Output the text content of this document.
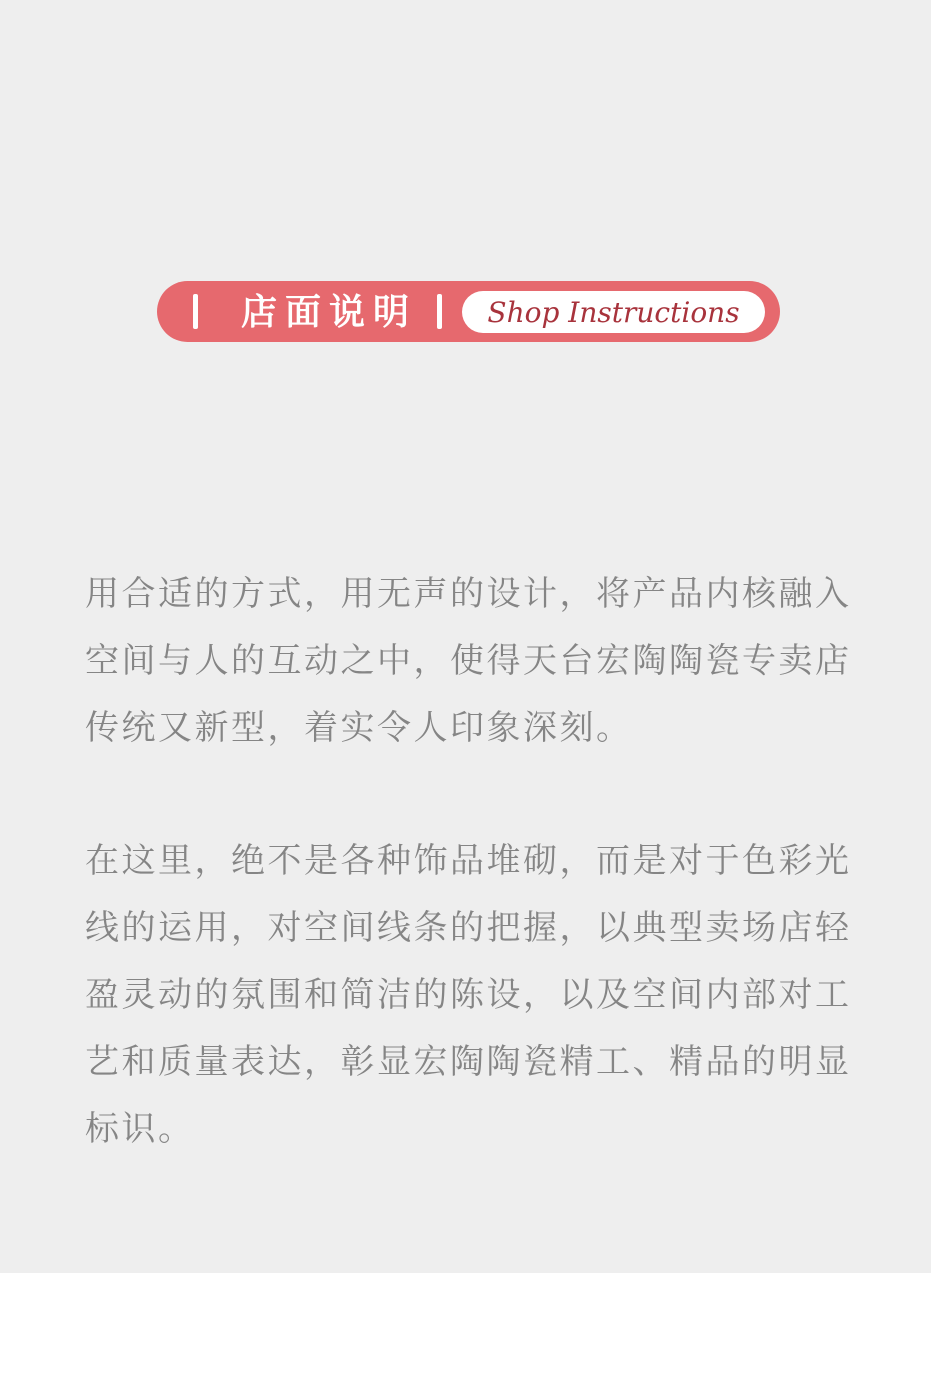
店面说明	Shop Instructions
用合适的方式，用无声的设计，将产品内核融入
空间与人的互动之中，使得天台宏陶陶瓷专卖店
传统又新型，着实令人印象深刻。
在这里，绝不是各种饰品堆砌，而是对于色彩光
线的运用，对空间线条的把握，以典型卖场店轻
盈灵动的氛围和简洁的陈设，以及空间内部对工
艺和质量表达，彰显宏陶陶瓷精工、精品的明显
标识。
